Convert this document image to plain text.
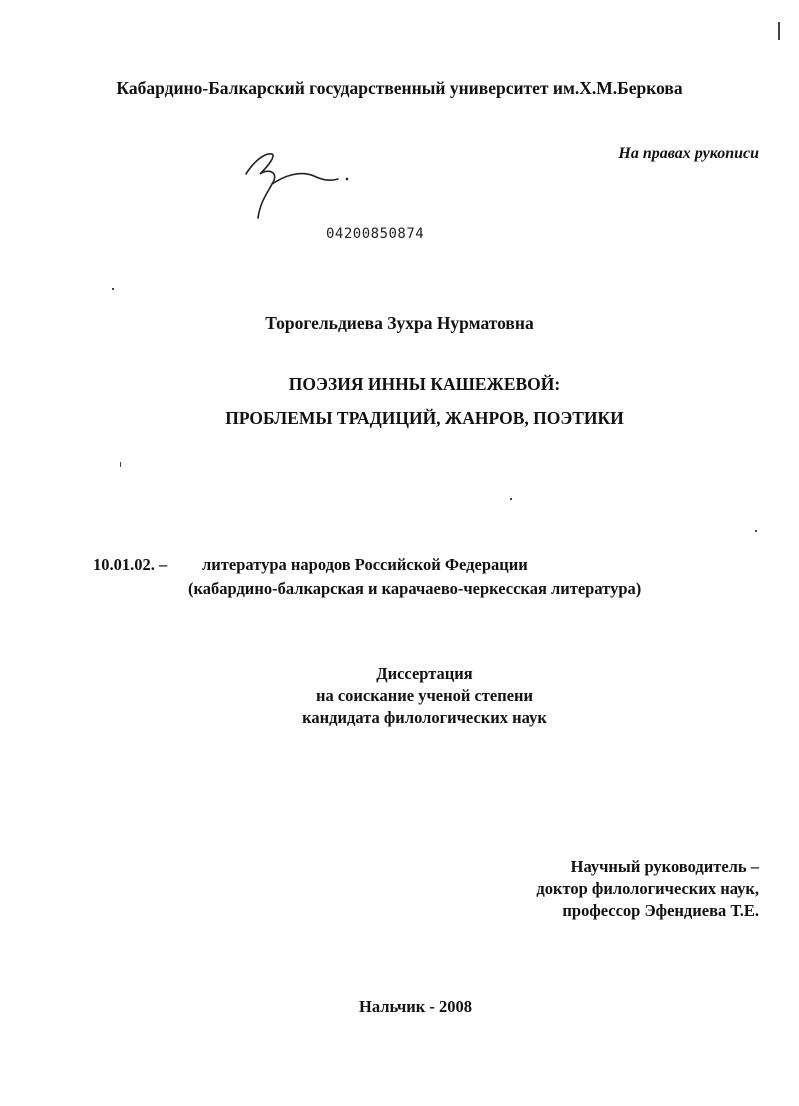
Кабардино-Балкарский государственный университет им.Х.М.Беркова
На правах рукописи
04200850874
Торогельдиева Зухра Нурматовна
ПОЭЗИЯ ИННЫ КАШЕЖЕВОЙ:
ПРОБЛЕМЫ ТРАДИЦИЙ, ЖАНРОВ, ПОЭТИКИ
10.01.02. – литература народов Российской Федерации
(кабардино-балкарская и карачаево-черкесская литература)
Диссертация
на соискание ученой степени
кандидата филологических наук
Научный руководитель –
доктор филологических наук,
профессор Эфендиева Т.Е.
Нальчик - 2008
